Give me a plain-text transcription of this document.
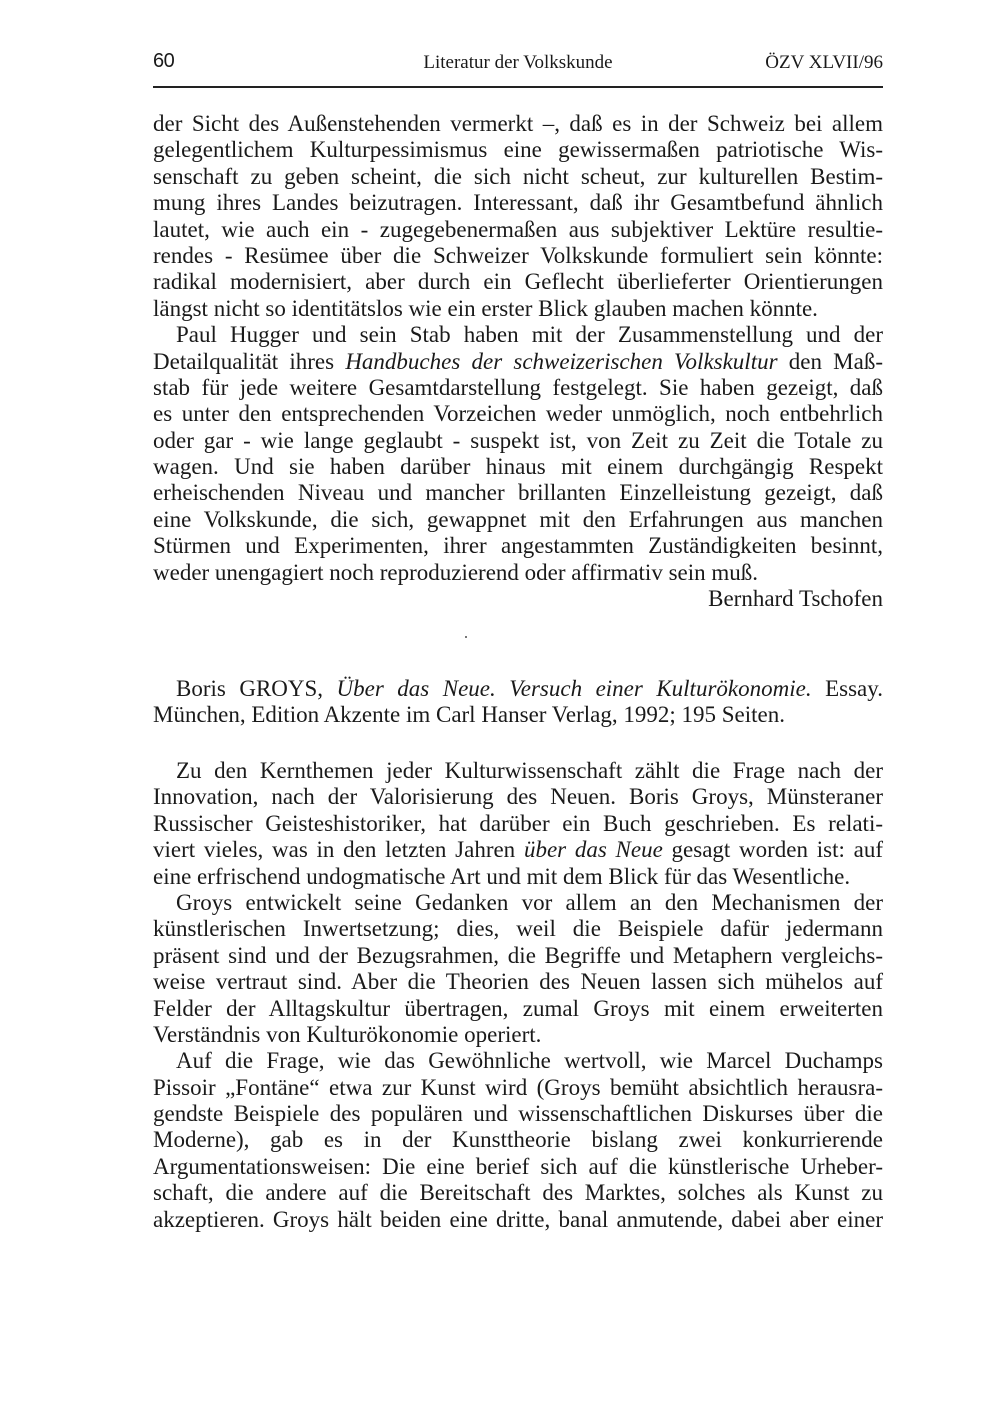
60	Literatur der Volkskunde	ÖZV XLVII/96
der Sicht des Außenstehenden vermerkt –, daß es in der Schweiz bei allem
gelegentlichem Kulturpessimismus eine gewissermaßen patriotische Wis-
senschaft zu geben scheint, die sich nicht scheut, zur kulturellen Bestim-
mung ihres Landes beizutragen. Interessant, daß ihr Gesamtbefund ähnlich
lautet, wie auch ein - zugegebenermaßen aus subjektiver Lektüre resultie-
rendes - Resümee über die Schweizer Volkskunde formuliert sein könnte:
radikal modernisiert, aber durch ein Geflecht überlieferter Orientierungen
längst nicht so identitätslos wie ein erster Blick glauben machen könnte.
Paul Hugger und sein Stab haben mit der Zusammenstellung und der
Detailqualität ihres Handbuches der schweizerischen Volkskultur den Maß-
stab für jede weitere Gesamtdarstellung festgelegt. Sie haben gezeigt, daß
es unter den entsprechenden Vorzeichen weder unmöglich, noch entbehrlich
oder gar - wie lange geglaubt - suspekt ist, von Zeit zu Zeit die Totale zu
wagen. Und sie haben darüber hinaus mit einem durchgängig Respekt
erheischenden Niveau und mancher brillanten Einzelleistung gezeigt, daß
eine Volkskunde, die sich, gewappnet mit den Erfahrungen aus manchen
Stürmen und Experimenten, ihrer angestammten Zuständigkeiten besinnt,
weder unengagiert noch reproduzierend oder affirmativ sein muß.
Bernhard Tschofen
Boris GROYS, Über das Neue. Versuch einer Kulturökonomie. Essay.
München, Edition Akzente im Carl Hanser Verlag, 1992; 195 Seiten.
Zu den Kernthemen jeder Kulturwissenschaft zählt die Frage nach der
Innovation, nach der Valorisierung des Neuen. Boris Groys, Münsteraner
Russischer Geisteshistoriker, hat darüber ein Buch geschrieben. Es relati-
viert vieles, was in den letzten Jahren über das Neue gesagt worden ist: auf
eine erfrischend undogmatische Art und mit dem Blick für das Wesentliche.
Groys entwickelt seine Gedanken vor allem an den Mechanismen der
künstlerischen Inwertsetzung; dies, weil die Beispiele dafür jedermann
präsent sind und der Bezugsrahmen, die Begriffe und Metaphern vergleichs-
weise vertraut sind. Aber die Theorien des Neuen lassen sich mühelos auf
Felder der Alltagskultur übertragen, zumal Groys mit einem erweiterten
Verständnis von Kulturökonomie operiert.
Auf die Frage, wie das Gewöhnliche wertvoll, wie Marcel Duchamps
Pissoir „Fontäne“ etwa zur Kunst wird (Groys bemüht absichtlich herausra-
gendste Beispiele des populären und wissenschaftlichen Diskurses über die
Moderne), gab es in der Kunsttheorie bislang zwei konkurrierende
Argumentationsweisen: Die eine berief sich auf die künstlerische Urheber-
schaft, die andere auf die Bereitschaft des Marktes, solches als Kunst zu
akzeptieren. Groys hält beiden eine dritte, banal anmutende, dabei aber einer
